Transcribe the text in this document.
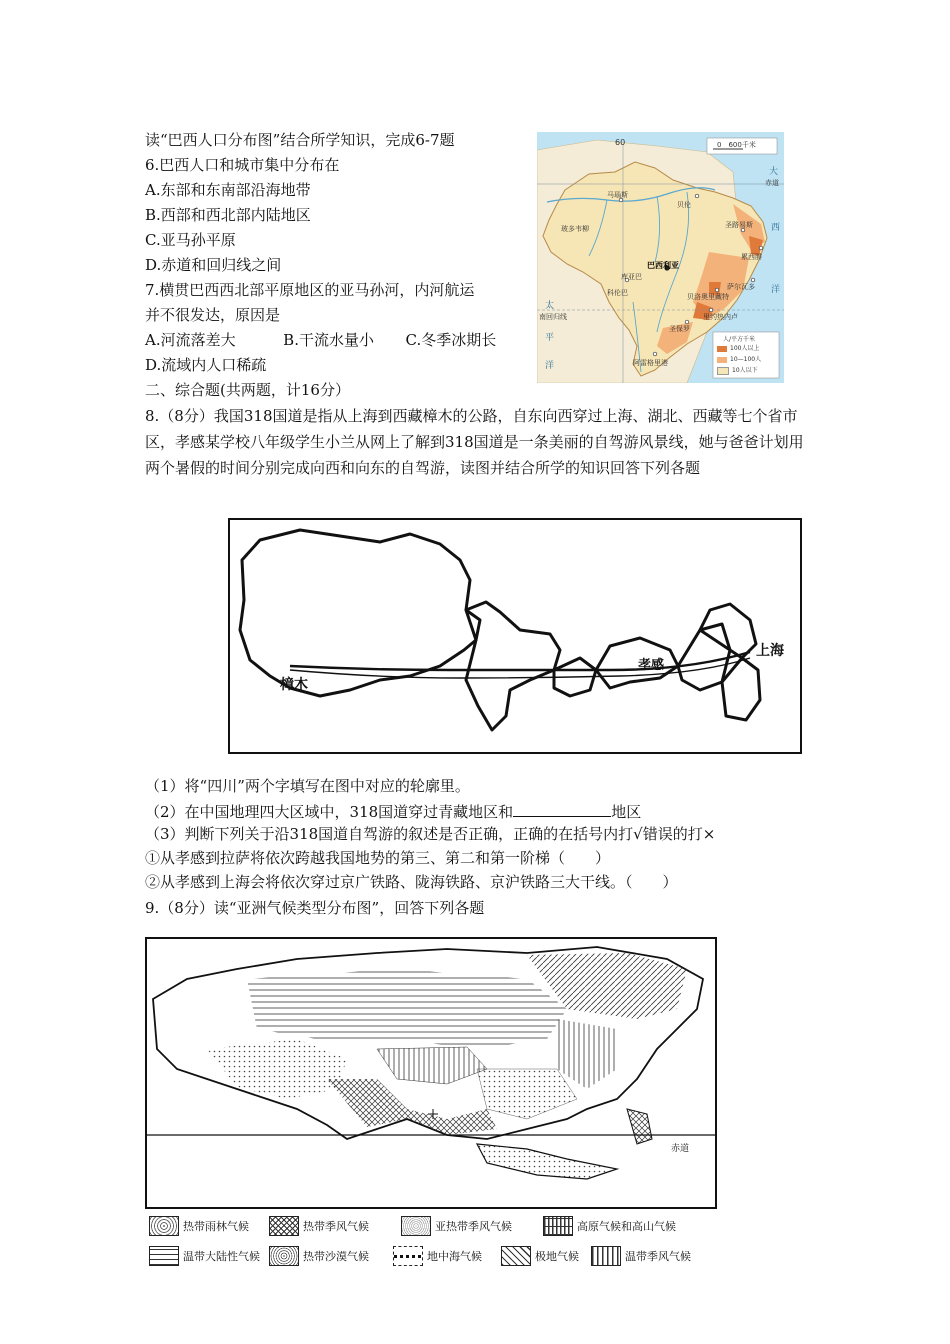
读“巴西人口分布图”结合所学知识，完成6-7题
6.巴西人口和城市集中分布在
A.东部和东南部沿海地带
B.西部和西北部内陆地区
C.亚马孙平原
D.赤道和回归线之间
7.横贯巴西西北部平原地区的亚马孙河，内河航运
并不很发达，原因是
A.河流落差大	B.干流水量小 C.冬季冰期长
D.流域内人口稀疏
二、综合题(共两题，计16分）
0　600千米
60
大
西
洋
太
平
洋
南回归线
赤道
巴西利亚
马瑙斯
圣路易斯
累西腓
萨尔瓦多
贝洛奥里藏特
里约热内卢
圣保罗
阿雷格里港
玻多韦柳
库亚巴
科伦巴
贝伦
人/平方千米
100人以上
10—100人
10人以下
8.（8分）我国318国道是指从上海到西藏樟木的公路，自东向西穿过上海、湖北、西藏等七个省市区，孝感某学校八年级学生小兰从网上了解到318国道是一条美丽的自驾游风景线，她与爸爸计划用两个暑假的时间分别完成向西和向东的自驾游，读图并结合所学的知识回答下列各题
樟木
孝感
上海
（1）将“四川”两个字填写在图中对应的轮廓里。
（2）在中国地理四大区域中，318国道穿过青藏地区和	地区
（3）判断下列关于沿318国道自驾游的叙述是否正确，正确的在括号内打√错误的打×
①从孝感到拉萨将依次跨越我国地势的第三、第二和第一阶梯（　　）
②从孝感到上海会将依次穿过京广铁路、陇海铁路、京沪铁路三大干线。（　　）
9.（8分）读“亚洲气候类型分布图”，回答下列各题
赤道
热带雨林气候	热带季风气候	亚热带季风气候	高原气候和高山气候
温带大陆性气候	热带沙漠气候	地中海气候	极地气候	温带季风气候
